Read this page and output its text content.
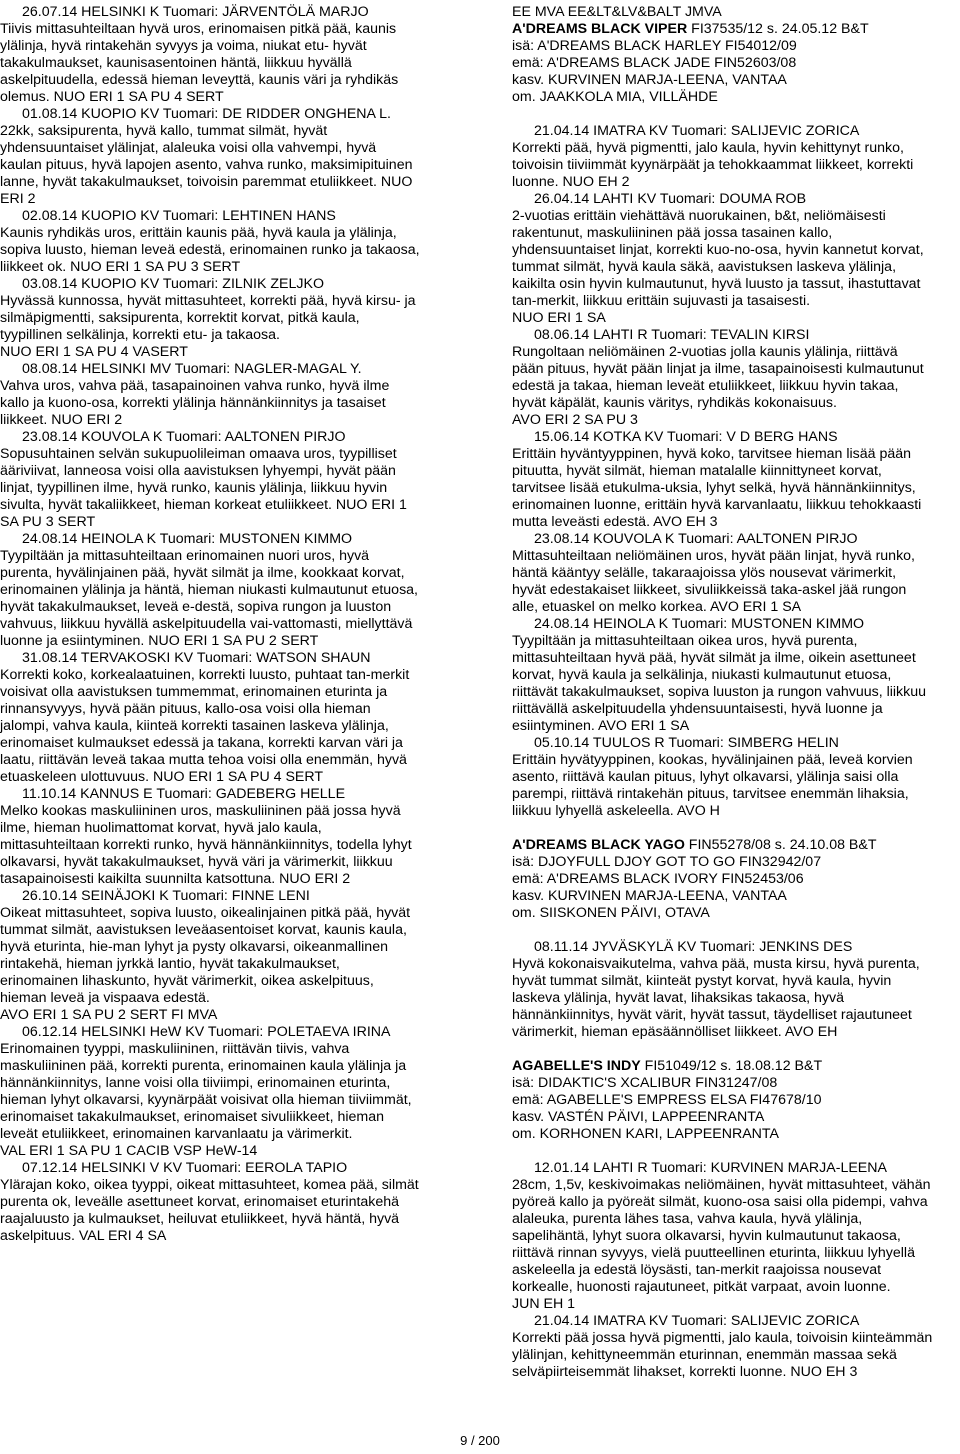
26.07.14 HELSINKI K Tuomari: JÄRVENTÖLÄ MARJO
Tiivis mittasuhteiltaan hyvä uros, erinomaisen pitkä pää, kaunis
ylälinja, hyvä rintakehän syvyys ja voima, niukat etu- hyvät
takakulmaukset, kaunisasentoinen häntä, liikkuu hyvällä
askelpituudella, edessä hieman leveyttä, kaunis väri ja ryhdikäs
olemus. NUO ERI 1 SA PU 4 SERT
01.08.14 KUOPIO KV Tuomari: DE RIDDER ONGHENA L.
22kk, saksipurenta, hyvä kallo, tummat silmät, hyvät
yhdensuuntaiset ylälinjat, alaleuka voisi olla vahvempi, hyvä
kaulan pituus, hyvä lapojen asento, vahva runko, maksimipituinen
lanne, hyvät takakulmaukset, toivoisin paremmat etuliikkeet. NUO
ERI 2
02.08.14 KUOPIO KV Tuomari: LEHTINEN HANS
Kaunis ryhdikäs uros, erittäin kaunis pää, hyvä kaula ja ylälinja,
sopiva luusto, hieman leveä edestä, erinomainen runko ja takaosa,
liikkeet ok. NUO ERI 1 SA PU 3 SERT
03.08.14 KUOPIO KV Tuomari: ZILNIK ZELJKO
Hyvässä kunnossa, hyvät mittasuhteet, korrekti pää, hyvä kirsu- ja
silmäpigmentti, saksipurenta, korrektit korvat, pitkä kaula,
tyypillinen selkälinja, korrekti etu- ja takaosa.
NUO ERI 1 SA PU 4 VASERT
08.08.14 HELSINKI MV Tuomari: NAGLER-MAGAL Y.
Vahva uros, vahva pää, tasapainoinen vahva runko, hyvä ilme
kallo ja kuono-osa, korrekti ylälinja hännänkiinnitys ja tasaiset
liikkeet. NUO ERI 2
23.08.14 KOUVOLA K Tuomari: AALTONEN PIRJO
Sopusuhtainen selvän sukupuolileiman omaava uros, tyypilliset
ääriviivat, lanneosa voisi olla aavistuksen lyhyempi, hyvät pään
linjat, tyypillinen ilme, hyvä runko, kaunis ylälinja, liikkuu hyvin
sivulta, hyvät takaliikkeet, hieman korkeat etuliikkeet. NUO ERI 1
SA PU 3 SERT
24.08.14 HEINOLA K Tuomari: MUSTONEN KIMMO
Tyypiltään ja mittasuhteiltaan erinomainen nuori uros, hyvä
purenta, hyvälinjainen pää, hyvät silmät ja ilme, kookkaat korvat,
erinomainen ylälinja ja häntä, hieman niukasti kulmautunut etuosa,
hyvät takakulmaukset, leveä e-destä, sopiva rungon ja luuston
vahvuus, liikkuu hyvällä askelpituudella vai-vattomasti, miellyttävä
luonne ja esiintyminen. NUO ERI 1 SA PU 2 SERT
31.08.14 TERVAKOSKI KV Tuomari: WATSON SHAUN
Korrekti koko, korkealaatuinen, korrekti luusto, puhtaat tan-merkit
voisivat olla aavistuksen tummemmat, erinomainen eturinta ja
rinnansyvyys, hyvä pään pituus, kallo-osa voisi olla hieman
jalompi, vahva kaula, kiinteä korrekti tasainen laskeva ylälinja,
erinomaiset kulmaukset edessä ja takana, korrekti karvan väri ja
laatu, riittävän leveä takaa mutta tehoa voisi olla enemmän, hyvä
etuaskeleen ulottuvuus. NUO ERI 1 SA PU 4 SERT
11.10.14 KANNUS E Tuomari: GADEBERG HELLE
Melko kookas maskuliininen uros, maskuliininen pää jossa hyvä
ilme, hieman huolimattomat korvat, hyvä jalo kaula,
mittasuhteiltaan korrekti runko, hyvä hännänkiinnitys, todella lyhyt
olkavarsi, hyvät takakulmaukset, hyvä väri ja värimerkit, liikkuu
tasapainoisesti kaikilta suunnilta katsottuna. NUO ERI 2
26.10.14 SEINÄJOKI K Tuomari: FINNE LENI
Oikeat mittasuhteet, sopiva luusto, oikealinjainen pitkä pää, hyvät
tummat silmät, aavistuksen leveäasentoiset korvat, kaunis kaula,
hyvä eturinta, hie-man lyhyt ja pysty olkavarsi, oikeanmallinen
rintakehä, hieman jyrkkä lantio, hyvät takakulmaukset,
erinomainen lihaskunto, hyvät värimerkit, oikea askelpituus,
hieman leveä ja vispaava edestä.
AVO ERI 1 SA PU 2 SERT FI MVA
06.12.14 HELSINKI HeW KV Tuomari: POLETAEVA IRINA
Erinomainen tyyppi, maskuliininen, riittävän tiivis, vahva
maskuliininen pää, korrekti purenta, erinomainen kaula ylälinja ja
hännänkiinnitys, lanne voisi olla tiiviimpi, erinomainen eturinta,
hieman lyhyt olkavarsi, kyynärpäät voisivat olla hieman tiiviimmät,
erinomaiset takakulmaukset, erinomaiset sivuliikkeet, hieman
leveät etuliikkeet, erinomainen karvanlaatu ja värimerkit.
VAL ERI 1 SA PU 1 CACIB VSP HeW-14
07.12.14 HELSINKI V KV Tuomari: EEROLA TAPIO
Ylärajan koko, oikea tyyppi, oikeat mittasuhteet, komea pää, silmät
purenta ok, leveälle asettuneet korvat, erinomaiset eturintakehä
raajaluusto ja kulmaukset, heiluvat etuliikkeet, hyvä häntä, hyvä
askelpituus. VAL ERI 4 SA
EE MVA EE&LT&LV&BALT JMVA
A'DREAMS BLACK VIPER FI37535/12 s. 24.05.12 B&T
isä: A'DREAMS BLACK HARLEY FI54012/09
emä: A'DREAMS BLACK JADE FIN52603/08
kasv. KURVINEN MARJA-LEENA, VANTAA
om. JAAKKOLA MIA, VILLÄHDE
21.04.14 IMATRA KV Tuomari: SALIJEVIC ZORICA
Korrekti pää, hyvä pigmentti, jalo kaula, hyvin kehittynyt runko,
toivoisin tiiviimmät kyynärpäät ja tehokkaammat liikkeet, korrekti
luonne. NUO EH 2
26.04.14 LAHTI KV Tuomari: DOUMA ROB
2-vuotias erittäin viehättävä nuorukainen, b&t, neliömäisesti
rakentunut, maskuliininen pää jossa tasainen kallo,
yhdensuuntaiset linjat, korrekti kuo-no-osa, hyvin kannetut korvat,
tummat silmät, hyvä kaula säkä, aavistuksen laskeva ylälinja,
kaikilta osin hyvin kulmautunut, hyvä luusto ja tassut, ihastuttavat
tan-merkit, liikkuu erittäin sujuvasti ja tasaisesti.
NUO ERI 1 SA
08.06.14 LAHTI R Tuomari: TEVALIN KIRSI
Rungoltaan neliömäinen 2-vuotias jolla kaunis ylälinja, riittävä
pään pituus, hyvät pään linjat ja ilme, tasapainoisesti kulmautunut
edestä ja takaa, hieman leveät etuliikkeet, liikkuu hyvin takaa,
hyvät käpälät, kaunis väritys, ryhdikäs kokonaisuus.
AVO ERI 2 SA PU 3
15.06.14 KOTKA KV Tuomari: V D BERG HANS
Erittäin hyväntyyppinen, hyvä koko, tarvitsee hieman lisää pään
pituutta, hyvät silmät, hieman matalalle kiinnittyneet korvat,
tarvitsee lisää etukulma-uksia, lyhyt selkä, hyvä hännänkiinnitys,
erinomainen luonne, erittäin hyvä karvanlaatu, liikkuu tehokkaasti
mutta leveästi edestä. AVO EH 3
23.08.14 KOUVOLA K Tuomari: AALTONEN PIRJO
Mittasuhteiltaan neliömäinen uros, hyvät pään linjat, hyvä runko,
häntä kääntyy selälle, takaraajoissa ylös nousevat värimerkit,
hyvät edestakaiset liikkeet, sivuliikkeissä taka-askel jää rungon
alle, etuaskel on melko korkea. AVO ERI 1 SA
24.08.14 HEINOLA K Tuomari: MUSTONEN KIMMO
Tyypiltään ja mittasuhteiltaan oikea uros, hyvä purenta,
mittasuhteiltaan hyvä pää, hyvät silmät ja ilme, oikein asettuneet
korvat, hyvä kaula ja selkälinja, niukasti kulmautunut etuosa,
riittävät takakulmaukset, sopiva luuston ja rungon vahvuus, liikkuu
riittävällä askelpituudella yhdensuuntaisesti, hyvä luonne ja
esiintyminen. AVO ERI 1 SA
05.10.14 TUULOS R Tuomari: SIMBERG HELIN
Erittäin hyvätyyppinen, kookas, hyvälinjainen pää, leveä korvien
asento, riittävä kaulan pituus, lyhyt olkavarsi, ylälinja saisi olla
parempi, riittävä rintakehän pituus, tarvitsee enemmän lihaksia,
liikkuu lyhyellä askeleella. AVO H
A'DREAMS BLACK YAGO FIN55278/08 s. 24.10.08 B&T
isä: DJOYFULL DJOY GOT TO GO FIN32942/07
emä: A'DREAMS BLACK IVORY FIN52453/06
kasv. KURVINEN MARJA-LEENA, VANTAA
om. SIISKONEN PÄIVI, OTAVA
08.11.14 JYVÄSKYLÄ KV Tuomari: JENKINS DES
Hyvä kokonaisvaikutelma, vahva pää, musta kirsu, hyvä purenta,
hyvät tummat silmät, kiinteät pystyt korvat, hyvä kaula, hyvin
laskeva ylälinja, hyvät lavat, lihaksikas takaosa, hyvä
hännänkiinnitys, hyvät värit, hyvät tassut, täydelliset rajautuneet
värimerkit, hieman epäsäännölliset liikkeet. AVO EH
AGABELLE'S INDY FI51049/12 s. 18.08.12 B&T
isä: DIDAKTIC'S XCALIBUR FIN31247/08
emä: AGABELLE'S EMPRESS ELSA FI47678/10
kasv. VASTÉN PÄIVI, LAPPEENRANTA
om. KORHONEN KARI, LAPPEENRANTA
12.01.14 LAHTI R Tuomari: KURVINEN MARJA-LEENA
28cm, 1,5v, keskivoimakas neliömäinen, hyvät mittasuhteet, vähän
pyöreä kallo ja pyöreät silmät, kuono-osa saisi olla pidempi, vahva
alaleuka, purenta lähes tasa, vahva kaula, hyvä ylälinja,
sapelihäntä, lyhyt suora olkavarsi, hyvin kulmautunut takaosa,
riittävä rinnan syvyys, vielä puutteellinen eturinta, liikkuu lyhyellä
askeleella ja edestä löysästi, tan-merkit raajoissa nousevat
korkealle, huonosti rajautuneet, pitkät varpaat, avoin luonne.
JUN EH 1
21.04.14 IMATRA KV Tuomari: SALIJEVIC ZORICA
Korrekti pää jossa hyvä pigmentti, jalo kaula, toivoisin kiinteämmän
ylälinjan, kehittyneemmän eturinnan, enemmän massaa sekä
selväpiirteisemmät lihakset, korrekti luonne. NUO EH 3
9 / 200
